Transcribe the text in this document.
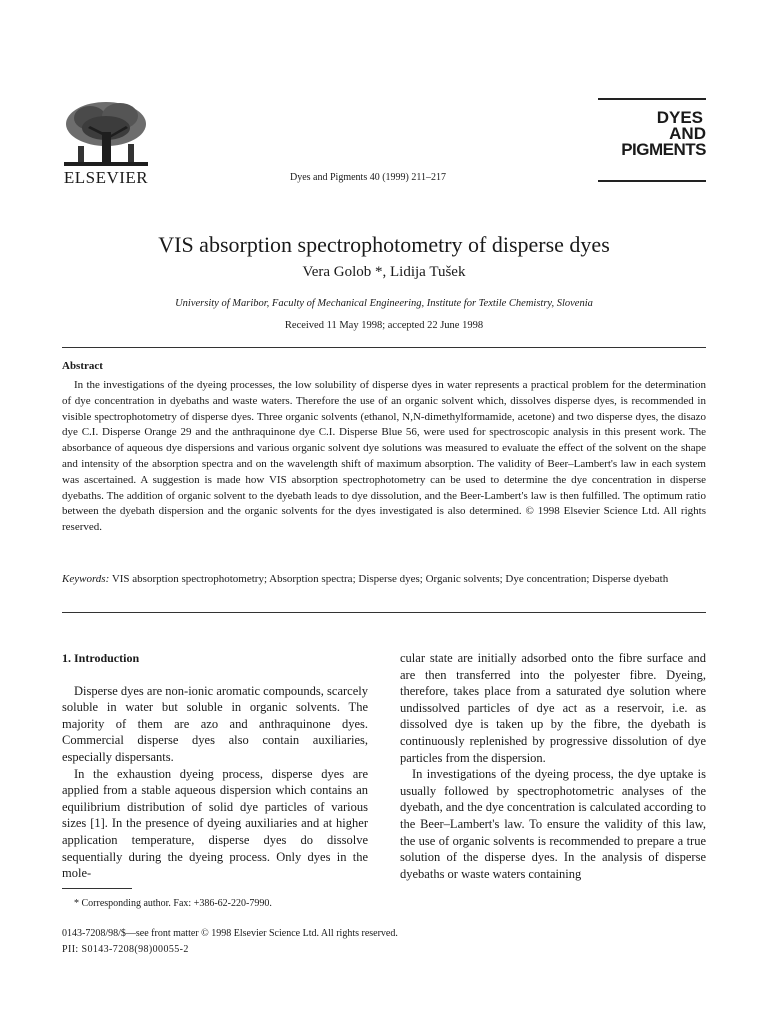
ELSEVIER	Dyes and Pigments 40 (1999) 211–217
DYES
AND
PIGMENTS
VIS absorption spectrophotometry of disperse dyes
Vera Golob *, Lidija Tušek
University of Maribor, Faculty of Mechanical Engineering, Institute for Textile Chemistry, Slovenia
Received 11 May 1998; accepted 22 June 1998
Abstract
In the investigations of the dyeing processes, the low solubility of disperse dyes in water represents a practical problem for the determination of dye concentration in dyebaths and waste waters. Therefore the use of an organic solvent which, dissolves disperse dyes, is recommended in visible spectrophotometry of disperse dyes. Three organic solvents (ethanol, N,N-dimethylformamide, acetone) and two disperse dyes, the disazo dye C.I. Disperse Orange 29 and the anthraquinone dye C.I. Disperse Blue 56, were used for spectroscopic analysis in this present work. The absorbance of aqueous dye dispersions and various organic solvent dye solutions was measured to evaluate the effect of the solvent on the shape and intensity of the absorption spectra and on the wavelength shift of maximum absorption. The validity of Beer–Lambert's law in each system was ascertained. A suggestion is made how VIS absorption spectrophotometry can be used to determine the dye concentration in disperse dyebaths. The addition of organic solvent to the dyebath leads to dye dissolution, and the Beer-Lambert's law is then fulfilled. The optimum ratio between the dyebath dispersion and the organic solvents for the dyes investigated is also determined. © 1998 Elsevier Science Ltd. All rights reserved.
Keywords: VIS absorption spectrophotometry; Absorption spectra; Disperse dyes; Organic solvents; Dye concentration; Disperse dyebath
1. Introduction

Disperse dyes are non-ionic aromatic compounds, scarcely soluble in water but soluble in organic solvents. The majority of them are azo and anthraquinone dyes. Commercial disperse dyes also contain auxiliaries, especially dispersants.

In the exhaustion dyeing process, disperse dyes are applied from a stable aqueous dispersion which contains an equilibrium distribution of solid dye particles of various sizes [1]. In the presence of dyeing auxiliaries and at higher application temperature, disperse dyes do dissolve sequentially during the dyeing process. Only dyes in the mole-

cular state are initially adsorbed onto the fibre surface and are then transferred into the polyester fibre. Dyeing, therefore, takes place from a saturated dye solution where undissolved particles of dye act as a reservoir, i.e. as dissolved dye is taken up by the fibre, the dyebath is continuously replenished by progressive dissolution of dye particles from the dispersion.

In investigations of the dyeing process, the dye uptake is usually followed by spectrophotometric analyses of the dyebath, and the dye concentration is calculated according to the Beer–Lambert's law. To ensure the validity of this law, the use of organic solvents is recommended to prepare a true solution of the disperse dyes. In the analysis of disperse dyebaths or waste waters containing

* Corresponding author. Fax: +386-62-220-7990.
0143-7208/98/$—see front matter © 1998 Elsevier Science Ltd. All rights reserved.
PII: S0143-7208(98)00055-2
